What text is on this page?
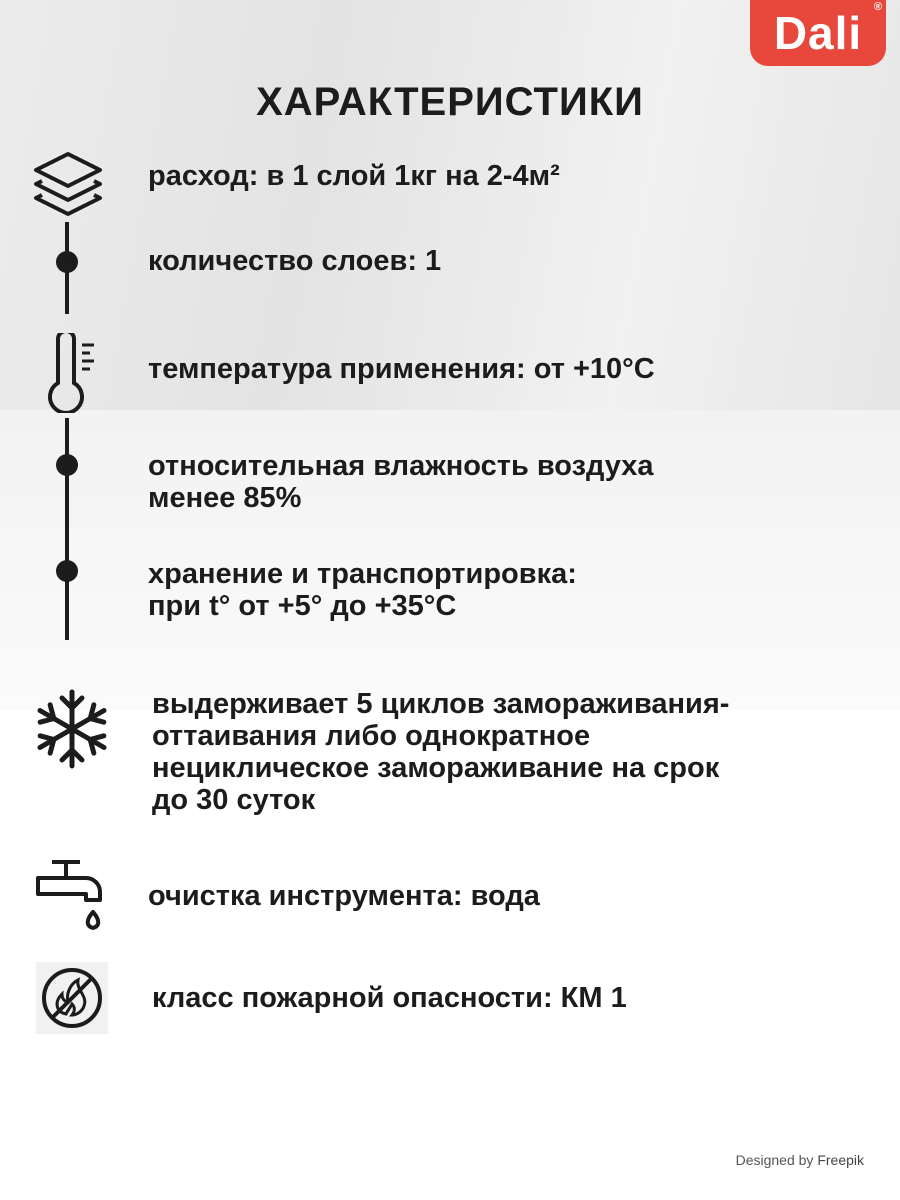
Dali ®
ХАРАКТЕРИСТИКИ
расход: в 1 слой 1кг на 2-4м²
количество слоев: 1
температура применения: от +10°С
относительная влажность воздуха
менее 85%
хранение и транспортировка:
при t° от +5° до +35°С
выдерживает 5 циклов замораживания-
оттаивания либо однократное
нециклическое замораживание на срок
до 30 суток
очистка инструмента: вода
класс пожарной опасности: КМ 1
Designed by Freepik
